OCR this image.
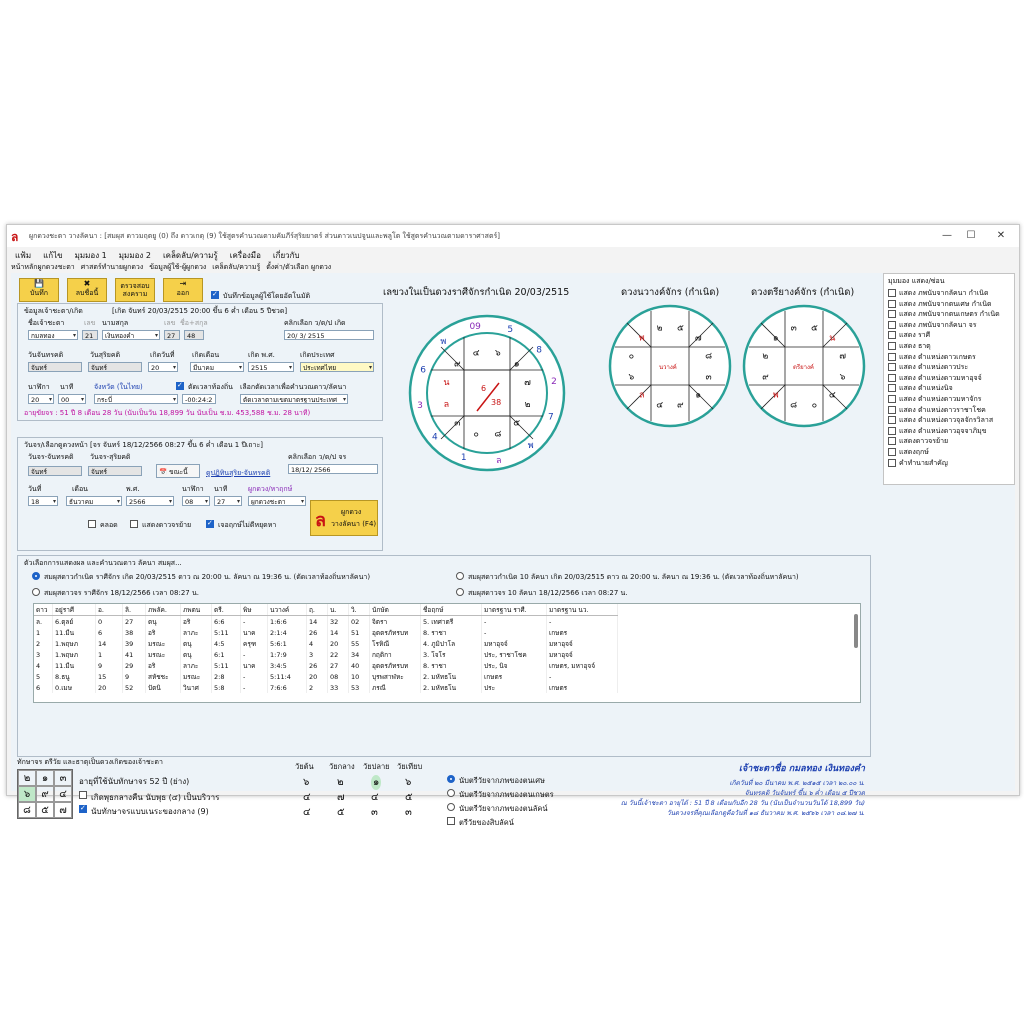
ล ผูกดวงชะตา วางลัคนา : [สมผุส ดาวมฤตยู (0) ถึง ดาวเกตุ (9) ใช้สูตรคำนวณตามคัมภีร์สุริยยาตร์ ส่วนดาวเนปจูนและพลูโต ใช้สูตรคำนวณตามดาราศาสตร์]	—	☐	✕
แฟ้ม แก้ไข มุมมอง 1 มุมมอง 2 เคล็ดลับ/ความรู้ เครื่องมือ เกี่ยวกับ
หน้าหลักผูกดวงชะตา ศาสตร์ทำนายผูกดวง ข้อมูลผู้ใช้-ผู้ผูกดวง เคล็ดลับ/ความรู้ ตั้งค่า/ตัวเลือก ผูกดวง
💾
บันทึก
✖
ลบชื่อนี้
ตรวจสอบ สงคราม
⇥
ออก ✓	บันทึกข้อมูลผู้ใช้โดยอัตโนมัติ
ข้อมูลเจ้าชะตา/เกิด	[เกิด จันทร์ 20/03/2515 20:00 ขึ้น 6 ค่ำ เดือน 5 ปีชวด]
ชื่อเจ้าชะตา	เลข นามสกุล	เลข ชื่อ+สกุล
กมลทอง ▾	21	เงินทองคำ ▾	27	48
คลิกเลือก ว/ด/ป เกิด
20/ 3/ 2515
วันจันทรคติ	วันสุริยคติ	เกิดวันที่ เกิดเดือน	เกิด พ.ศ.	เกิดประเทศ
จันทร์	จันทร์	20 ▾	มีนาคม ▾	2515 ▾	ประเทศไทย ▾
นาฬิกา นาที	จังหวัด (ในไทย) ✓	ตัดเวลาท้องถิ่น เลือกตัดเวลาเพื่อคำนวณดาว/ลัคนา
20 ▾	00 ▾	กระบี่ ▾	-00:24:2	ตัดเวลาตามเขตมาตรฐานประเทศ ▾
อายุขัยจร : 51 ปี 8 เดือน 28 วัน (นับเป็นวัน 18,899 วัน นับเป็น ช.ม. 453,588 ช.ม. 28 นาที)
วันจร/เลือกดูดวงหน้า [จร จันทร์ 18/12/2566 08:27 ขึ้น 6 ค่ำ เดือน 1 ปีเถาะ]
วันจร-จันทรคติ วันจร-สุริยคติ
จันทร์	จันทร์	📅 ขณะนี้
คลิกเลือก ว/ด/ป จร
18/12/ 2566
ดูปฏิทินสุริย-จันทรคติ
วันที่	เดือน	พ.ศ.	นาฬิกา นาที	ผูกดวง/หาฤกษ์
18 ▾	ธันวาคม ▾	2566 ▾	08 ▾	27 ▾	ผูกดวงชะตา ▾
คลอด	แสดงดาวจรย้าย ✓	เจอฤกษ์ไม่ดีหยุดหา ล ผูกดวง
วางลัคนา (F4)
เลขวงในเป็นดวงราศีจักรกำเนิด 20/03/2515	ดวงนวางค์จักร (กำเนิด)	ดวงตรียางค์จักร (กำเนิด)
6
38
09	5
8
2
7
พ
ล
1
4
3
6
พ
๔ ๖
๑
๗
๒
๕
๘
๐
๓
ล
น
๙	นวางค์
๒ ๕
๗
๘
๓
๑
๙
๔
ล
๖
๐
พ
ตรียางค์
๓ ๕
น
๗
๖
๔
๐
๘
พ
๙
๒
๑
มุมมอง แสดง/ซ่อน
แสดง ภพนับจากลัคนา กำเนิด
แสดง ภพนับจากตนเศษ กำเนิด
แสดง ภพนับจากตนเกษตร กำเนิด
แสดง ภพนับจากลัคนา จร
แสดง ราศี
แสดง ธาตุ
แสดง ตำแหน่งดาวเกษตร
แสดง ตำแหน่งดาวประ
แสดง ตำแหน่งดาวมหาอุจจ์
แสดง ตำแหน่งนิจ
แสดง ตำแหน่งดาวมหาจักร
แสดง ตำแหน่งดาวราชาโชค
แสดง ตำแหน่งดาวจุลจักรวิลาส
แสดง ตำแหน่งดาวอุจจาภิมุข
แสดงดาวจรย้าย
แสดงฤกษ์
คำทำนายสำคัญ
ตัวเลือกการแสดงผล และคำนวณดาว ลัคนา สมผุส...
สมผุสดาวกำเนิด ราศีจักร เกิด 20/03/2515 ดาว ณ 20:00 น. ลัคนา ณ 19:36 น. (ตัดเวลาท้องถิ่นหาลัคนา)
สมผุสดาวจร ราศีจักร 18/12/2566 เวลา 08:27 น.
สมผุสดาวกำเนิด 10 ลัคนา เกิด 20/03/2515 ดาว ณ 20:00 น. ลัคนา ณ 19:36 น. (ตัดเวลาท้องถิ่นหาลัคนา)
สมผุสดาวจร 10 ลัคนา 18/12/2566 เวลา 08:27 น.
ดาว	อยู่ราศี	อ.	ลิ.	ภพลัค.	ภพตน	ตรี.	พิษ	นวางค์	ฤ.	น.	วิ.	นักษัต	ชื่อฤกษ์	มาตรฐาน ราศี.	มาตรฐาน นว.
ล.	6.ตุลย์	0	27	ตนุ	อริ	6:6	-	1:6:6	14	32	02	จิตรา	5. เทศาตรี	-	-
1	11.มีน	6	38	อริ	ลาภะ	5:11	นาค	2:1:4	26	14	51	อุตตรภัทรบท	8. ราชา	-	เกษตร
2	1.พฤษภ	14	39	มรณะ	ตนุ	4:5	ครุฑ	5:6:1	4	20	55	โรหิณี	4. ภูมิปาโล	มหาอุจจ์	มหาอุจจ์
3	1.พฤษภ	1	41	มรณะ	ตนุ	6:1	-	1:7:9	3	22	34	กฤติกา	3. โจโร	ประ, ราชาโชค	มหาอุจจ์
4	11.มีน	9	29	อริ	ลาภะ	5:11	นาค	3:4:5	26	27	40	อุตตรภัทรบท	8. ราชา	ประ, นิจ	เกษตร, มหาอุจจ์
5	8.ธนู	15	9	สหัชชะ	มรณะ	2:8	-	5:11:4	20	08	10	บุรพสาฬหะ	2. มหัทธโน	เกษตร	-
6	0.เมษ	20	52	ปัตนิ	วินาศ	5:8	-	7:6:6	2	33	53	ภรณี	2. มหัทธโน	ประ	เกษตร
ทักษาจร ตรีวัย และธาตุเป็นดวงเกิดของเจ้าชะตา
๒	๑	๓
๖	๙	๔
๘	๕	๗
อายุที่ใช้นับทักษาจร 52 ปี (ย่าง)
เกิดพุธกลางคืน นับพุธ (๔) เป็นบริวาร
✓
นับทักษาจรแบบเนระของกลาง (9)
วัยต้น วัยกลาง วัยปลาย วัยเทียบ
๖	๒	๑	๖
๔	๗	๔	๕
๔	๕	๓	๓
นับตรีวัยจากภพของตนเศษ
นับตรีวัยจากภพของตนเกษตร
นับตรีวัยจากภพของตนลัคน์
ตรีวัยของสิบลัคน์
เจ้าชะตาชื่อ กมลทอง เงินทองคำ
เกิดวันที่ ๒๐ มีนาคม พ.ศ. ๒๕๑๕ เวลา ๒๐.๐๐ น.
จันทรคติ วันจันทร์ ขึ้น ๖ ค่ำ เดือน ๕ ปีชวด
ณ วันนี้เจ้าชะตา อายุได้ : 51 ปี 8 เดือนกับอีก 28 วัน (นับเป็นจำนวนวันได้ 18,899 วัน)
วันดวงจรที่คุณเลือกดูคือวันที่ ๑๘ ธันวาคม พ.ศ. ๒๕๖๖ เวลา ๐๘.๒๗ น.
